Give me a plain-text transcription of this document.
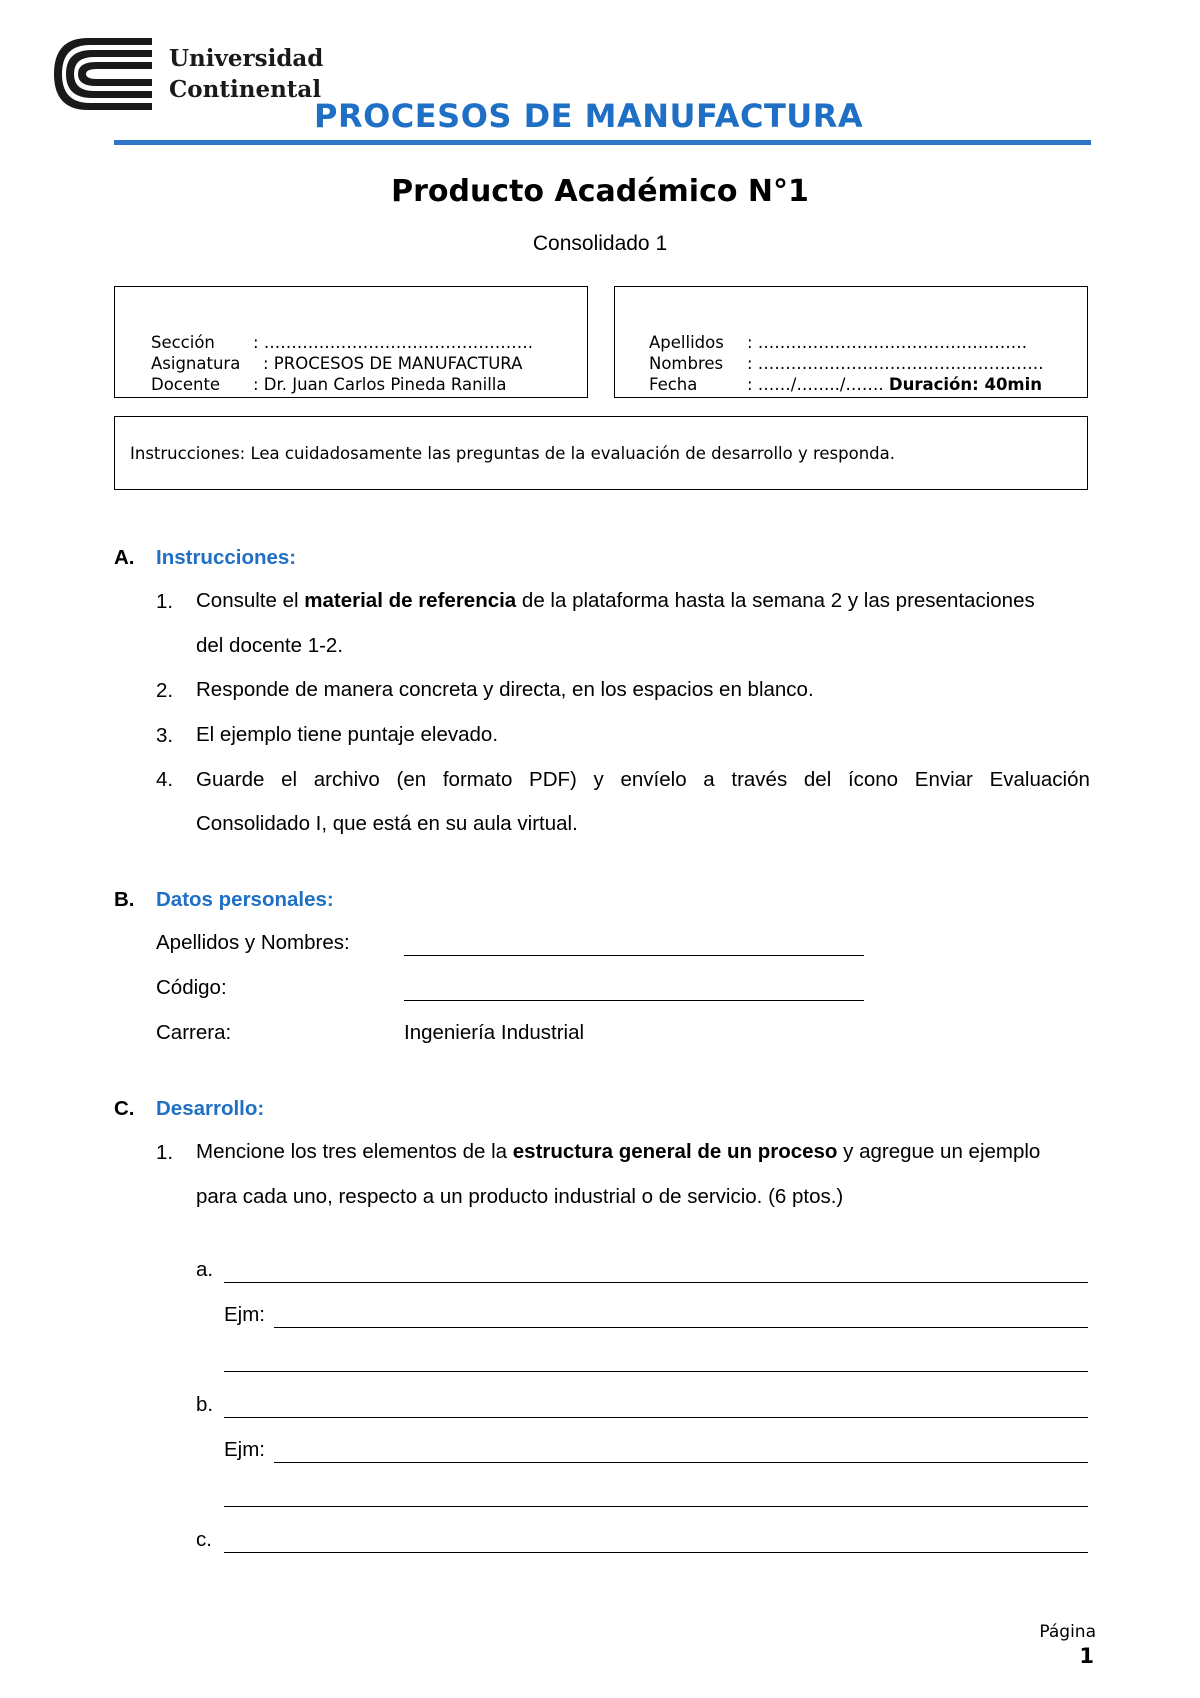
Universidad
Continental
PROCESOS DE MANUFACTURA
Producto Académico N°1
Consolidado 1

Sección : ………………………………………….

Asignatura : PROCESOS DE MANUFACTURA

Docente : Dr. Juan Carlos Pineda Ranilla

Apellidos : ………………………………………….

Nombres : …………………………………………….

Fecha	: ……/……../……. Duración: 40min

Instrucciones: Lea cuidadosamente las preguntas de la evaluación de desarrollo y responda.
A. Instrucciones:
1. Consulte el material de referencia de la plataforma hasta la semana 2 y las presentaciones
del docente 1-2.
2. Responde de manera concreta y directa, en los espacios en blanco.
3. El ejemplo tiene puntaje elevado.
4. Guarde el archivo (en formato PDF) y envíelo a través del ícono Enviar Evaluación
Consolidado I, que está en su aula virtual.
B. Datos personales:
Apellidos y Nombres:
Código:
Carrera:	Ingeniería Industrial
C. Desarrollo:
1. Mencione los tres elementos de la estructura general de un proceso y agregue un ejemplo
para cada uno, respecto a un producto industrial o de servicio. (6 ptos.)
a.
Ejm:
b.
Ejm:
c.
Página
1
